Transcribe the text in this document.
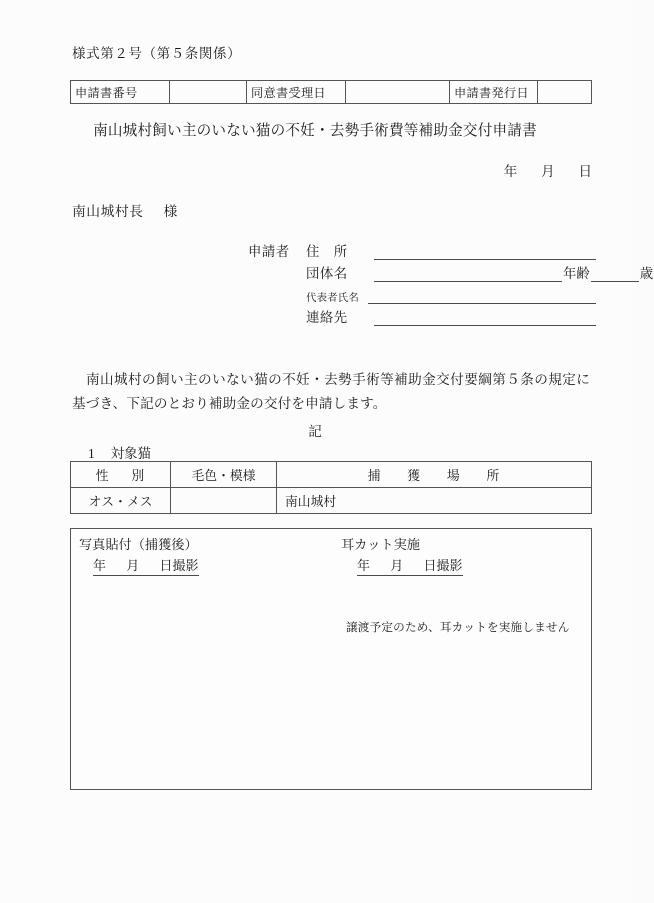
様式第２号（第５条関係）
申請書番号		同意書受理日		申請書発行日	
南山城村飼い主のいない猫の不妊・去勢手術費等補助金交付申請書
年 月 日
南山城村長 様
申請者	住　所
団体名	年齢	歳
代表者氏名
連絡先
南山城村の飼い主のいない猫の不妊・去勢手術等補助金交付要綱第５条の規定に基づき、下記のとおり補助金の交付を申請します。
記
1 対象猫
性　別	毛色・模様	捕　獲　場　所
オス・メス		南山城村
写真貼付（捕獲後）	耳カット実施
年 月 日撮影	年 月 日撮影
譲渡予定のため、耳カットを実施しません
